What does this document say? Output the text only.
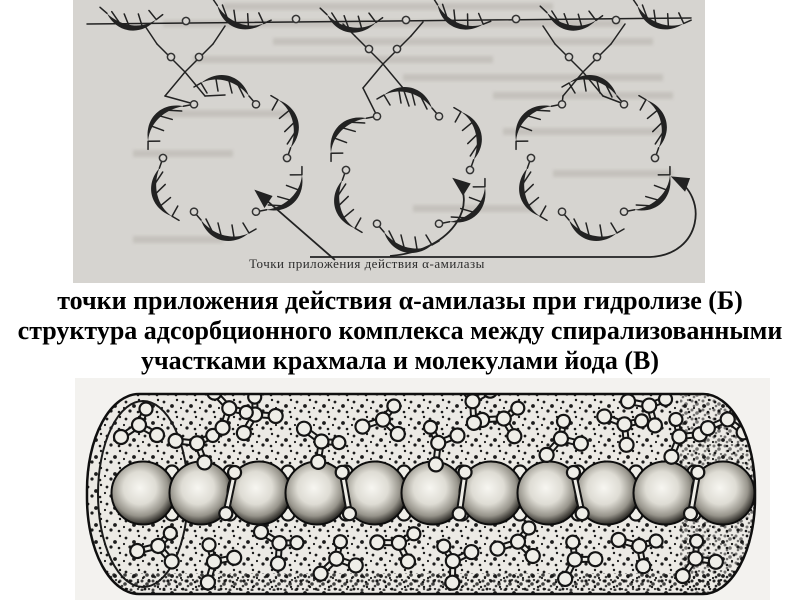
Точки приложения действия α-амилазы
точки приложения действия α-амилазы при гидролизе (Б)
структура адсорбционного комплекса между спирализованными
участками крахмала и молекулами йода (В)
